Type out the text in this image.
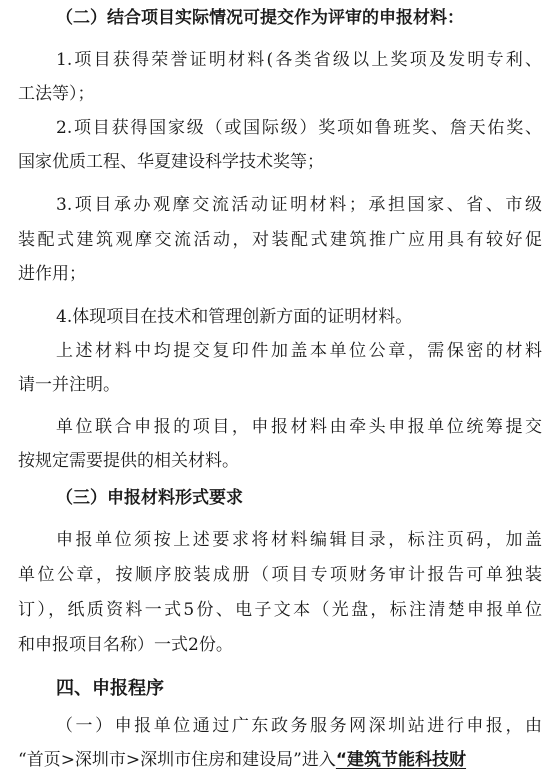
（二）结合项目实际情况可提交作为评审的申报材料：
1.项目获得荣誉证明材料(各类省级以上奖项及发明专利、
工法等）；
2.项目获得国家级（或国际级）奖项如鲁班奖、詹天佑奖、
国家优质工程、华夏建设科学技术奖等；
3.项目承办观摩交流活动证明材料；承担国家、省、市级
装配式建筑观摩交流活动，对装配式建筑推广应用具有较好促
进作用；
4.体现项目在技术和管理创新方面的证明材料。
上述材料中均提交复印件加盖本单位公章，需保密的材料
请一并注明。
单位联合申报的项目，申报材料由牵头申报单位统筹提交
按规定需要提供的相关材料。
（三）申报材料形式要求
申报单位须按上述要求将材料编辑目录，标注页码，加盖
单位公章，按顺序胶装成册（项目专项财务审计报告可单独装
订），纸质资料一式5份、电子文本（光盘，标注清楚申报单位
和申报项目名称）一式2份。
四、申报程序
（一）申报单位通过广东政务服务网深圳站进行申报，由
“首页>深圳市>深圳市住房和建设局”进入“建筑节能科技财
